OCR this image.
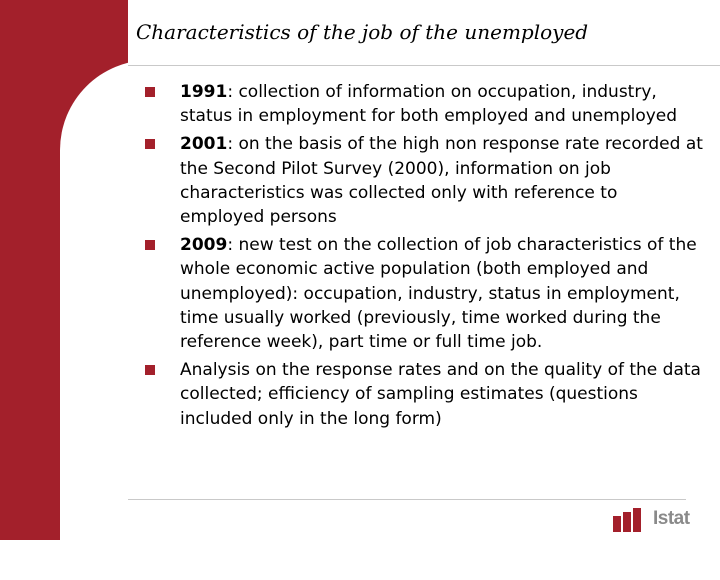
Characteristics of the job of the unemployed
1991: collection of information on occupation, industry, status in employment for both employed and unemployed
2001: on the basis of the high non response rate recorded at the Second Pilot Survey (2000), information on job characteristics was collected only with reference to employed persons
2009: new test on the collection of job characteristics of the whole economic active population (both employed and unemployed): occupation, industry, status in employment, time usually worked (previously, time worked during the reference week), part time or full time job.
Analysis on the response rates and on the quality of the data collected; efficiency of sampling estimates (questions included only in the long form)
Istat
